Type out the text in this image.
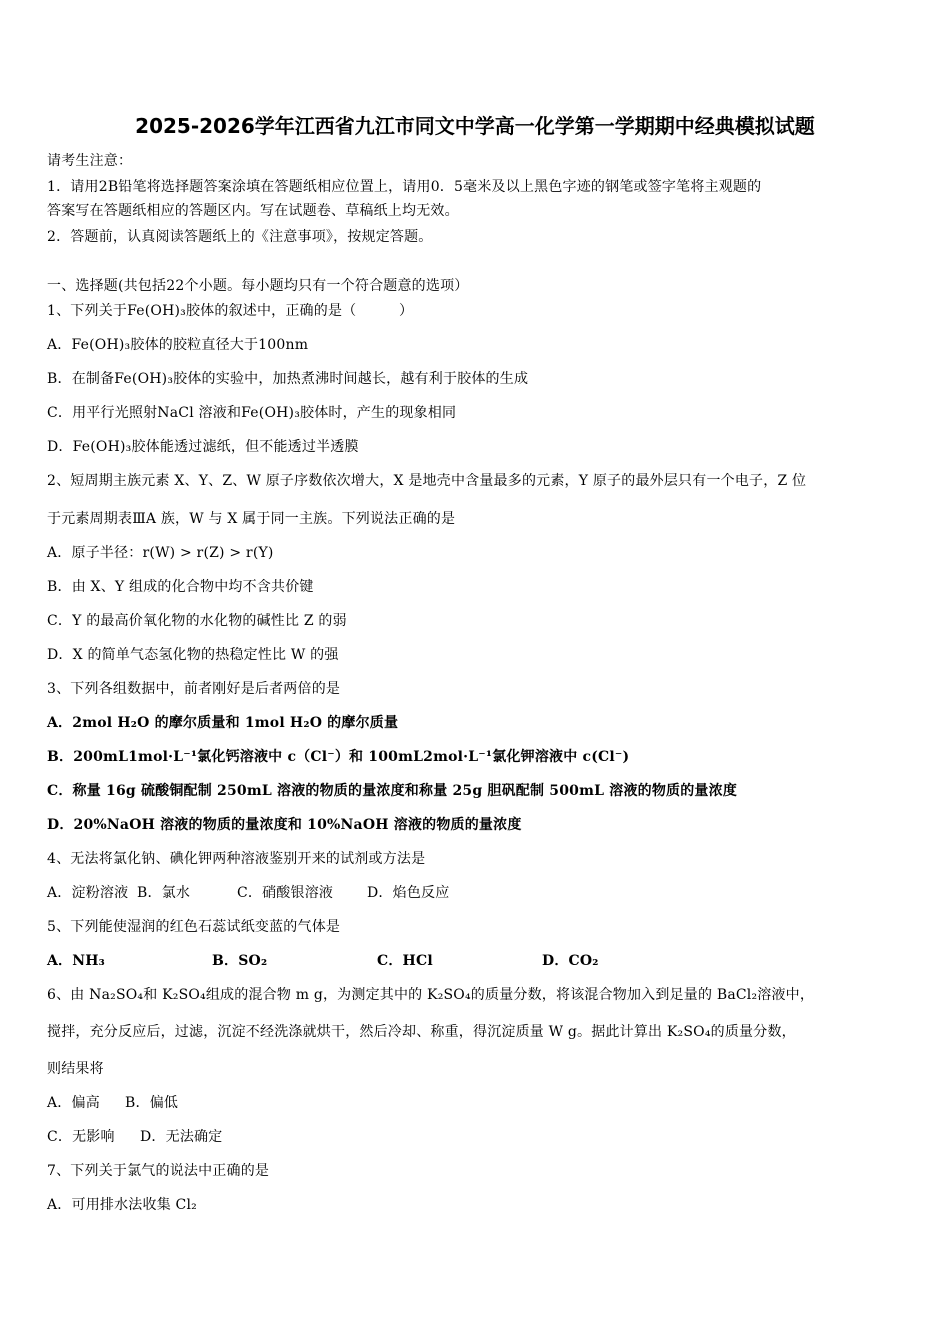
2025-2026学年江西省九江市同文中学高一化学第一学期期中经典模拟试题
请考生注意：
1．请用2B铅笔将选择题答案涂填在答题纸相应位置上，请用0．5毫米及以上黑色字迹的钢笔或签字笔将主观题的
答案写在答题纸相应的答题区内。写在试题卷、草稿纸上均无效。
2．答题前，认真阅读答题纸上的《注意事项》，按规定答题。
一、选择题(共包括22个小题。每小题均只有一个符合题意的选项）
1、下列关于Fe(OH)₃胶体的叙述中，正确的是（　　　）
A．Fe(OH)₃胶体的胶粒直径大于100nm
B．在制备Fe(OH)₃胶体的实验中，加热煮沸时间越长，越有利于胶体的生成
C．用平行光照射NaCl 溶液和Fe(OH)₃胶体时，产生的现象相同
D．Fe(OH)₃胶体能透过滤纸，但不能透过半透膜
2、短周期主族元素 X、Y、Z、W 原子序数依次增大，X 是地壳中含量最多的元素，Y 原子的最外层只有一个电子，Z 位
于元素周期表ⅢA 族，W 与 X 属于同一主族。下列说法正确的是
A．原子半径：r(W) > r(Z) > r(Y)
B．由 X、Y 组成的化合物中均不含共价键
C．Y 的最高价氧化物的水化物的碱性比 Z 的弱
D．X 的简单气态氢化物的热稳定性比 W 的强
3、下列各组数据中，前者刚好是后者两倍的是
A．2mol H₂O 的摩尔质量和 1mol H₂O 的摩尔质量
B．200mL1mol·L⁻¹氯化钙溶液中 c（Cl⁻）和 100mL2mol·L⁻¹氯化钾溶液中 c(Cl⁻)
C．称量 16g 硫酸铜配制 250mL 溶液的物质的量浓度和称量 25g 胆矾配制 500mL 溶液的物质的量浓度
D．20%NaOH 溶液的物质的量浓度和 10%NaOH 溶液的物质的量浓度
4、无法将氯化钠、碘化钾两种溶液鉴别开来的试剂或方法是
A．淀粉溶液 B．氯水	C．硝酸银溶液 D．焰色反应
5、下列能使湿润的红色石蕊试纸变蓝的气体是
A．NH₃	B．SO₂	C．HCl	D．CO₂
6、由 Na₂SO₄和 K₂SO₄组成的混合物 m g，为测定其中的 K₂SO₄的质量分数，将该混合物加入到足量的 BaCl₂溶液中，
搅拌，充分反应后，过滤，沉淀不经洗涤就烘干，然后冷却、称重，得沉淀质量 W g。据此计算出 K₂SO₄的质量分数，
则结果将
A．偏高 B．偏低
C．无影响 D．无法确定
7、下列关于氯气的说法中正确的是
A．可用排水法收集 Cl₂
